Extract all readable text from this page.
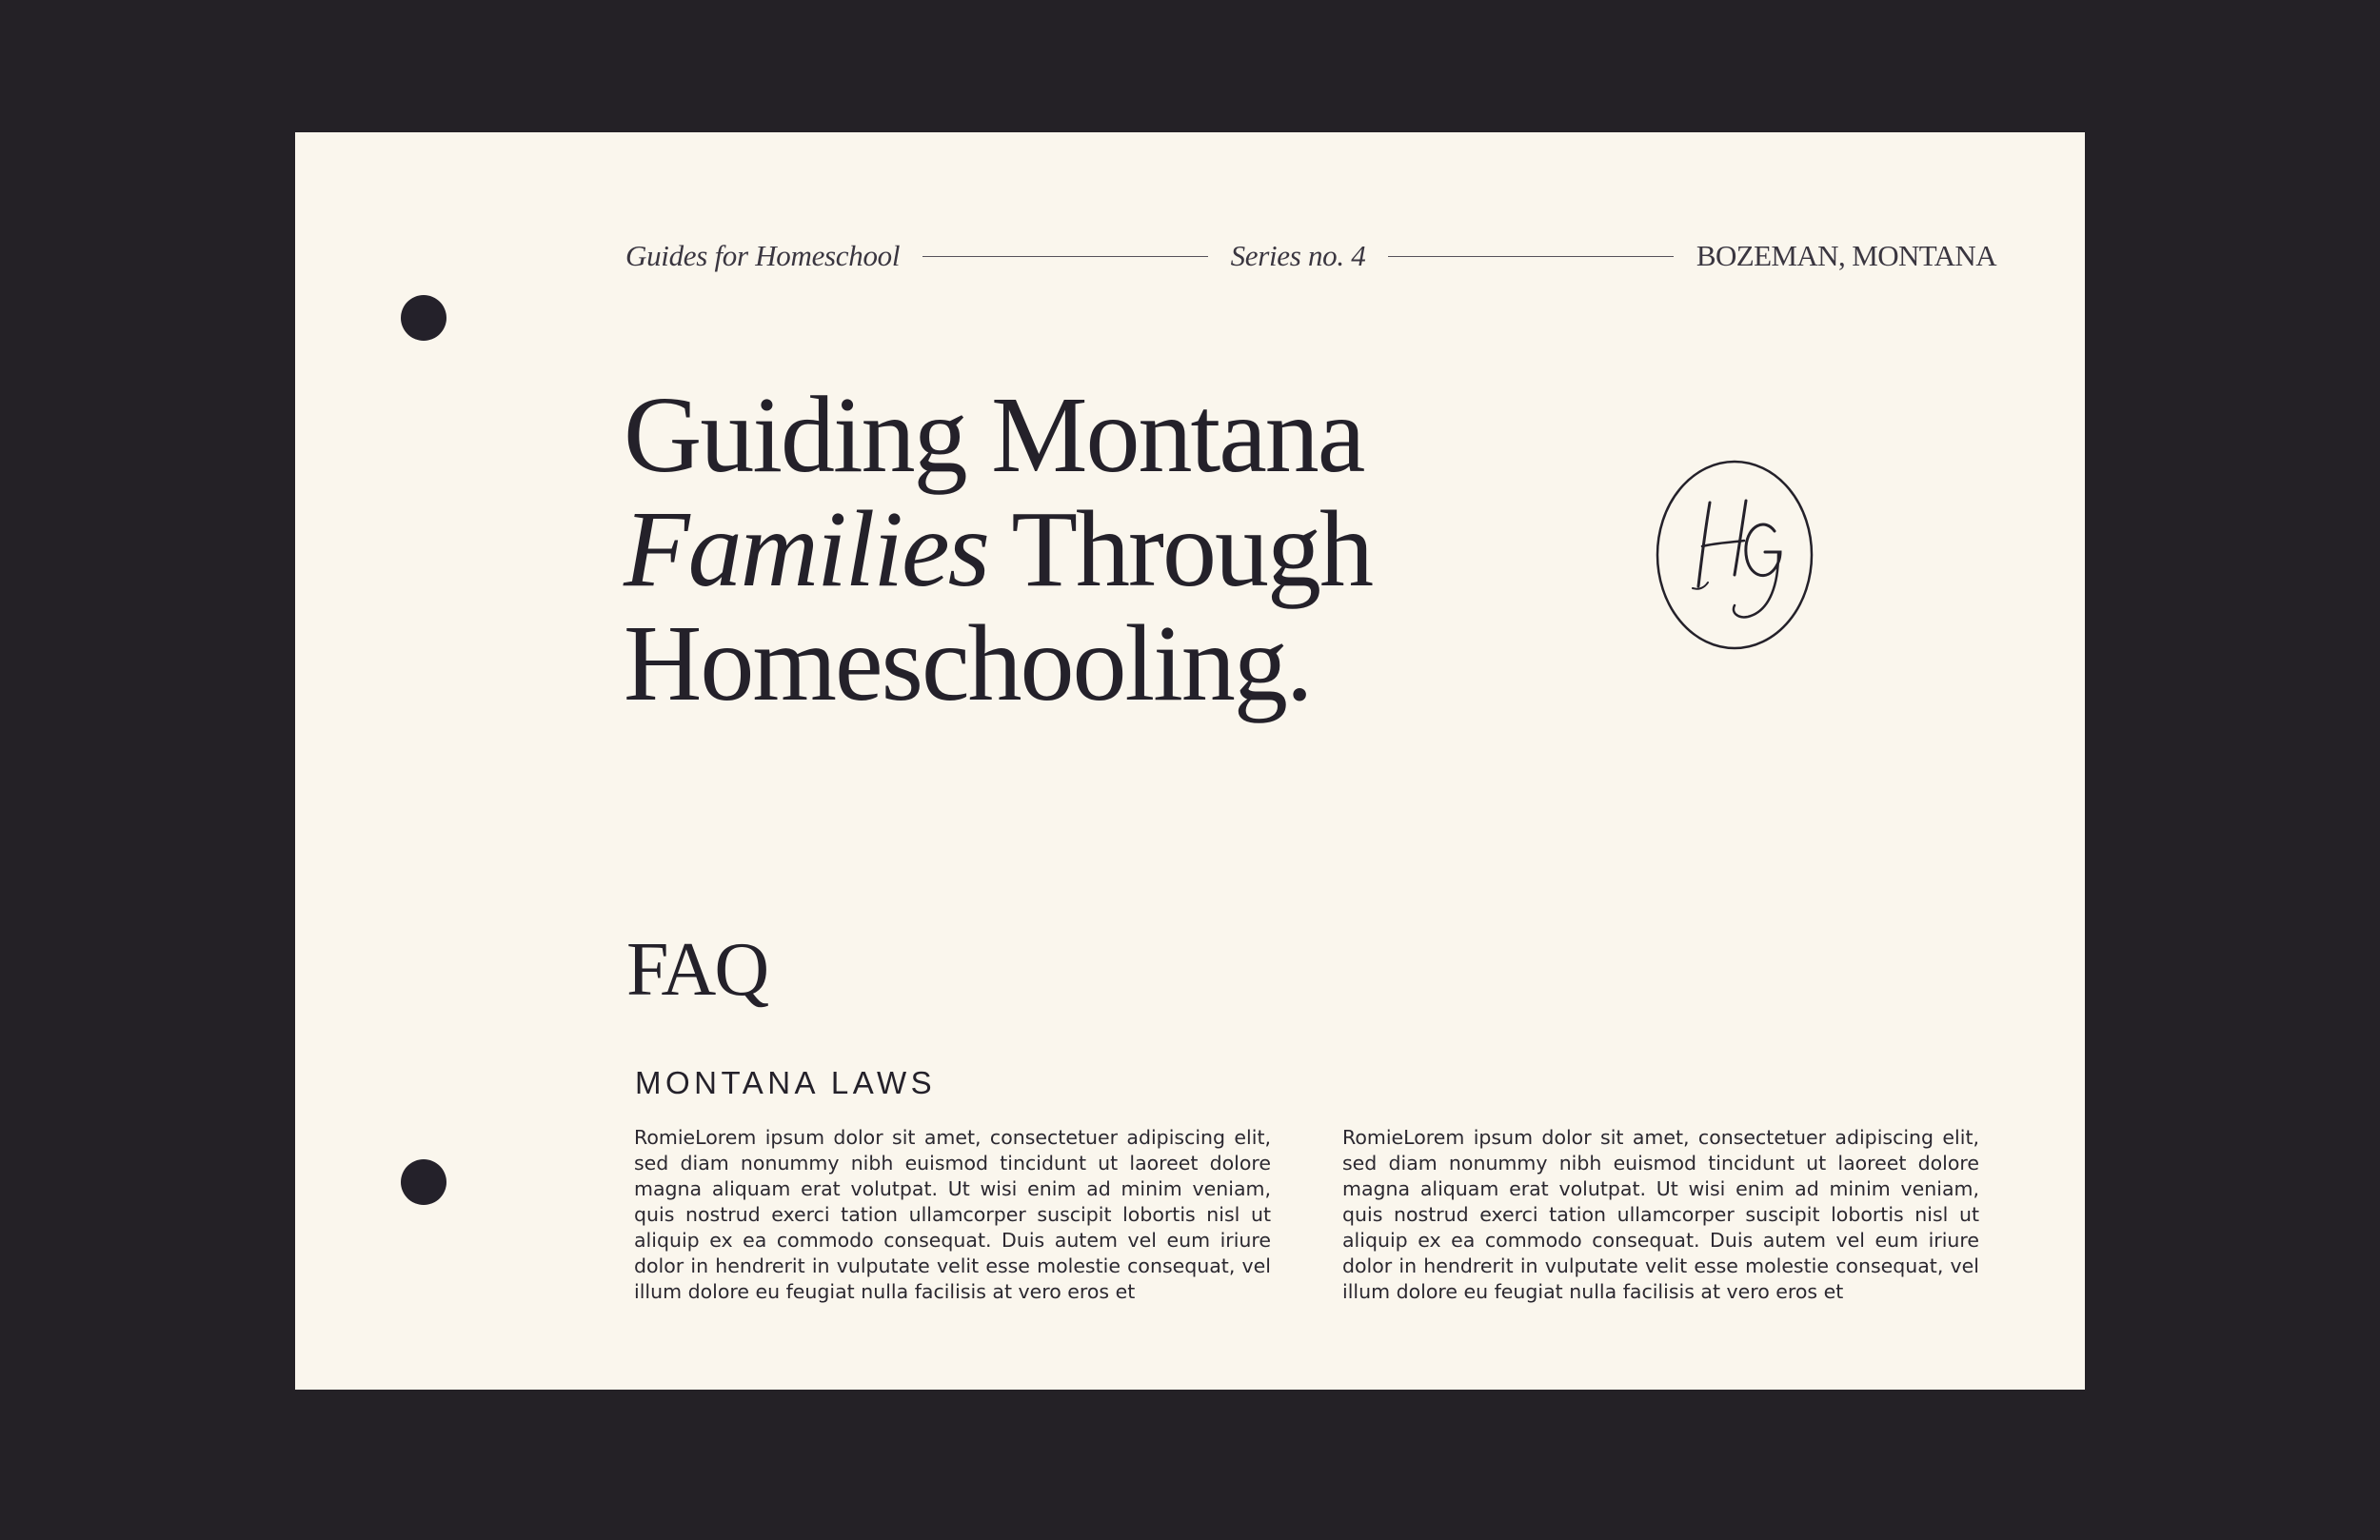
Guides for Homeschool	Series no. 4	BOZEMAN, MONTANA
Guiding Montana
Families Through
Homeschooling.
FAQ
MONTANA LAWS

RomieLorem ipsum dolor sit amet, consectetuer adipiscing elit, sed diam nonummy nibh euismod tincidunt ut laoreet dolore magna aliquam erat volutpat. Ut wisi enim ad minim veniam, quis nostrud exerci tation ullamcorper suscipit lobortis nisl ut aliquip ex ea commodo consequat. Duis autem vel eum iriure dolor in hendrerit in vulputate velit esse molestie consequat, vel illum dolore eu feugiat nulla facilisis at vero eros et

RomieLorem ipsum dolor sit amet, consectetuer adipiscing elit, sed diam nonummy nibh euismod tincidunt ut laoreet dolore magna aliquam erat volutpat. Ut wisi enim ad minim veniam, quis nostrud exerci tation ullamcorper suscipit lobortis nisl ut aliquip ex ea commodo consequat. Duis autem vel eum iriure dolor in hendrerit in vulputate velit esse molestie consequat, vel illum dolore eu feugiat nulla facilisis at vero eros et
